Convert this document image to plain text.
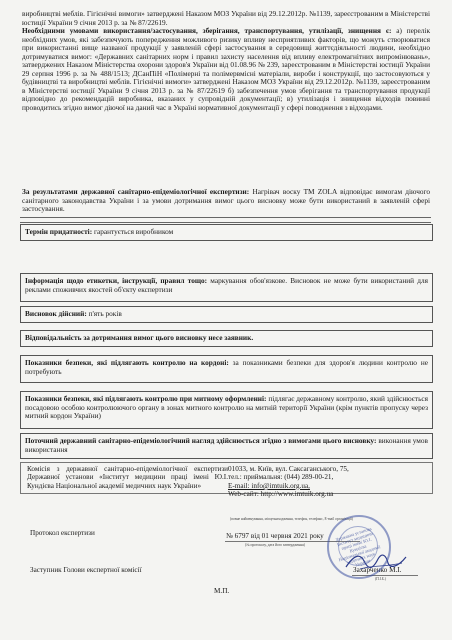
виробництві меблів. Гігієнічні вимоги» затверджені Наказом МОЗ України від 29.12.2012р. №1139, зареєстрованим в Міністерстві юстиції України 9 січня 2013 р. за № 87/22619.
Необхідними умовами використання/застосування, зберігання, транспортування, утилізації, знищення є: а) перелік необхідних умов, які забезпечують попередження можливого ризику впливу несприятливих факторів, що можуть створюватися при використанні вище названої продукції у заявленій сфері застосування в середовищі життєдіяльності людини, необхідно дотримуватися вимог: «Державних санітарних норм і правил захисту населення від впливу електромагнітних випромінювань», затверджених Наказом Міністерства охорони здоров'я України від 01.08.96 № 239, зареєстрованим в Міністерстві юстиції України 29 серпня 1996 р. за № 488/1513; ДСанПіН «Полімерні та полімервмісні матеріали, вироби і конструкції, що застосовуються у будівництві та виробництві меблів. Гігієнічні вимоги» затверджені Наказом МОЗ України від 29.12.2012р. №1139, зареєстрованим в Міністерстві юстиції України 9 січня 2013 р. за № 87/22619 б) забезпечення умов зберігання та транспортування продукції відповідно до рекомендацій виробника, вказаних у супровідній документації; в) утилізація і знищення відходів повинні проводитись згідно вимог діючої на даний час в Україні нормативної документації у сфері поводження з відходами.
За результатами державної санітарно-епідеміологічної експертизи: Нагрівач воску TM ZOLA відповідає вимогам діючого санітарного законодавства України і за умови дотримання вимог цього висновку може бути використаний в заявленій сфері застосування.
Термін придатності: гарантується виробником
Інформація щодо етикетки, інструкції, правил тощо: маркування обов'язкове. Висновок не може бути використаний для реклами споживчих якостей об'єкту експертизи
Висновок дійсний: п'ять років
Відповідальність за дотримання вимог цього висновку несе заявник.
Показники безпеки, які підлягають контролю на кордоні: за показниками безпеки для здоров'я людини контролю не потребують
Показники безпеки, які підлягають контролю при митному оформленні: підлягає державному контролю, який здійснюється посадовою особою контролюючого органу в зонах митного контролю на митній території України (крім пунктів пропуску через митний кордон України)
Поточний державний санітарно-епідеміологічний нагляд здійснюється згідно з вимогами цього висновку: виконання умов використання
Комісія з державної санітарно-епідеміологічної експертизи Державної установи «Інститут медицини праці імені Ю.І. Кундієва Національної академії медичних наук України»
01033, м. Київ, вул. Саксаганського, 75,
тел.: приймальня: (044) 289-00-21,
E-mail: info@imtuik.org.ua,
Web-сайт: http://www.imtuik.org.ua
(повне найменування, місцезнаходження, телефон, телефакс, E-mail організації)
Протокол експертизи	№ 6797 від 01 червня 2021 року
(№ протоколу, дата його затвердження)
Заступник Голови експертної комісії	Захарченко М.І.
(П.І.Б.)
Державна установа Інститут медицини праці імені Ю.І. Кундієва Національної академії медичних наук України
М.П.
